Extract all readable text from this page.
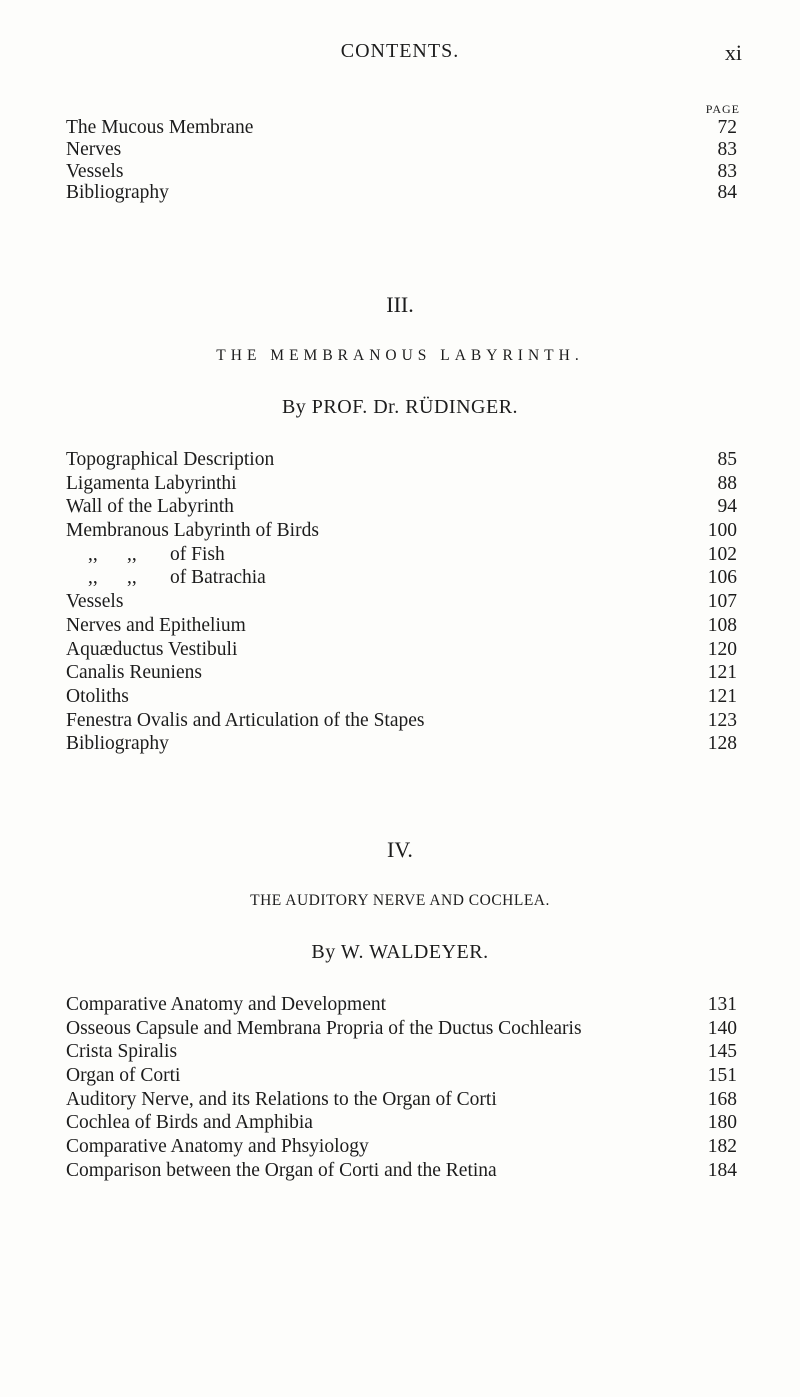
CONTENTS.	xi
PAGE
The Mucous Membrane	72
Nerves	83
Vessels	83
Bibliography	84
III.
THE MEMBRANOUS LABYRINTH.
By PROF. Dr. RÜDINGER.
Topographical Description	85
Ligamenta Labyrinthi	88
Wall of the Labyrinth	94
Membranous Labyrinth of Birds	100
,,      ,, of Fish	102
,,      ,, of Batrachia	106
Vessels	107
Nerves and Epithelium	108
Aquæductus Vestibuli	120
Canalis Reuniens	121
Otoliths	121
Fenestra Ovalis and Articulation of the Stapes	123
Bibliography	128
IV.
THE AUDITORY NERVE AND COCHLEA.
By W. WALDEYER.
Comparative Anatomy and Development	131
Osseous Capsule and Membrana Propria of the Ductus Cochlearis	140
Crista Spiralis	145
Organ of Corti	151
Auditory Nerve, and its Relations to the Organ of Corti	168
Cochlea of Birds and Amphibia	180
Comparative Anatomy and Phsyiology	182
Comparison between the Organ of Corti and the Retina	184
